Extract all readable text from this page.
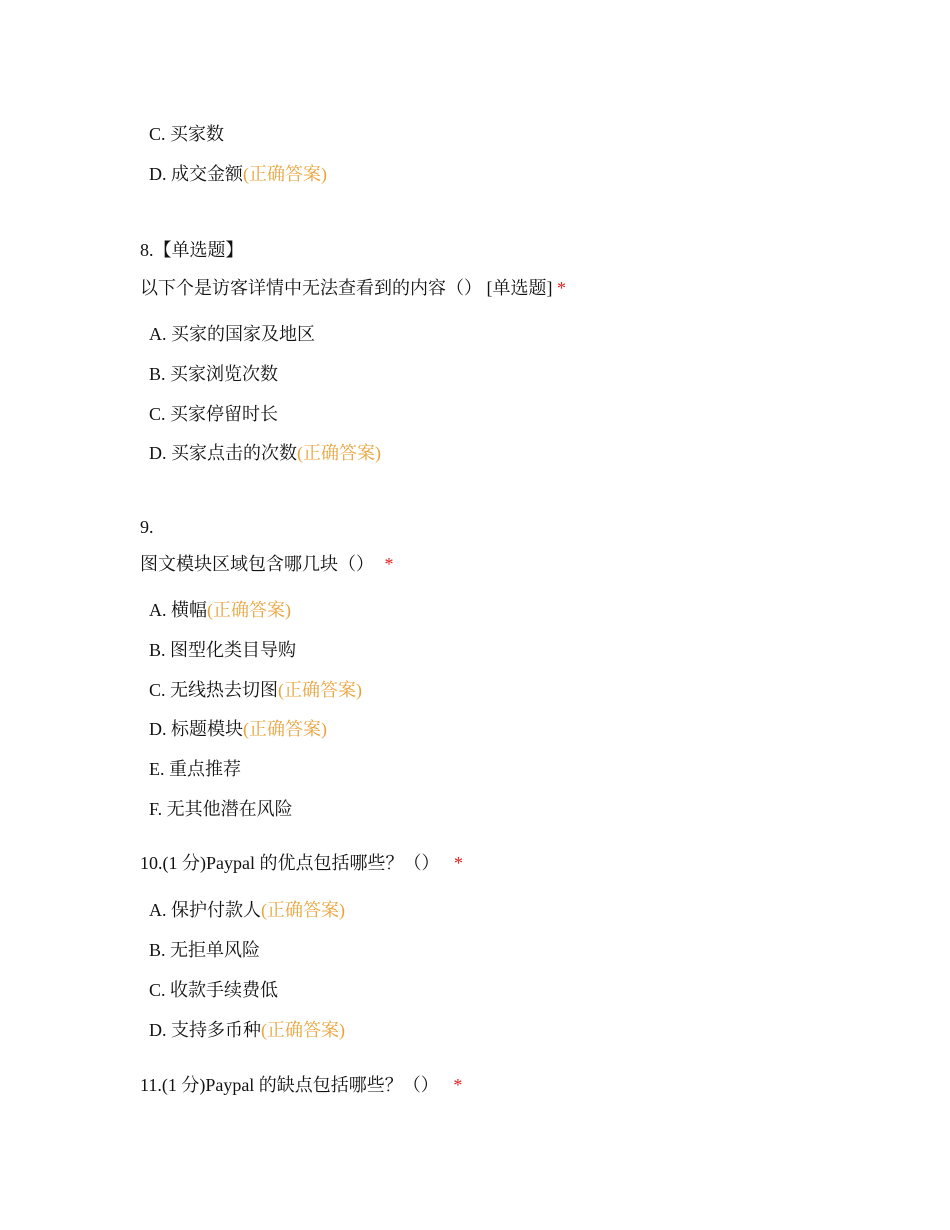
C. 买家数
D. 成交金额(正确答案)
8.【单选题】
以下个是访客详情中无法查看到的内容（） [单选题] *
A. 买家的国家及地区
B. 买家浏览次数
C. 买家停留时长
D. 买家点击的次数(正确答案)
9.
图文模块区域包含哪几块（） *
A. 横幅(正确答案)
B. 图型化类目导购
C. 无线热去切图(正确答案)
D. 标题模块(正确答案)
E. 重点推荐
F. 无其他潜在风险
10.(1 分)Paypal 的优点包括哪些？（） *
A. 保护付款人(正确答案)
B. 无拒单风险
C. 收款手续费低
D. 支持多币种(正确答案)
11.(1 分)Paypal 的缺点包括哪些？（） *
